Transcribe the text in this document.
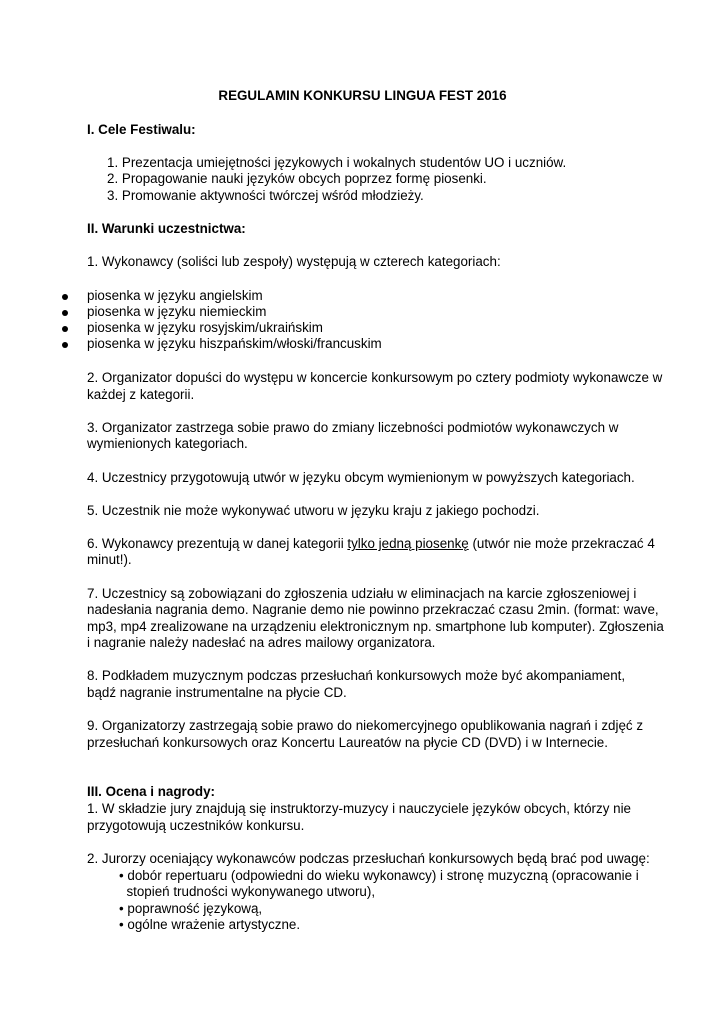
REGULAMIN KONKURSU LINGUA FEST 2016
I. Cele Festiwalu:
1. Prezentacja umiejętności językowych i wokalnych studentów UO i uczniów.
2. Propagowanie nauki języków obcych poprzez formę piosenki.
3. Promowanie aktywności twórczej wśród młodzieży.
II. Warunki uczestnictwa:
1. Wykonawcy (soliści lub zespoły) występują w czterech kategoriach:
piosenka w języku angielskim
piosenka w języku niemieckim
piosenka w języku rosyjskim/ukraińskim
piosenka w języku hiszpańskim/włoski/francuskim
2. Organizator dopuści do występu w koncercie konkursowym po cztery podmioty wykonawcze w
każdej z kategorii.
3. Organizator zastrzega sobie prawo do zmiany liczebności podmiotów wykonawczych w
wymienionych kategoriach.
4. Uczestnicy przygotowują utwór w języku obcym wymienionym w powyższych kategoriach.
5. Uczestnik nie może wykonywać utworu w języku kraju z jakiego pochodzi.
6. Wykonawcy prezentują w danej kategorii tylko jedną piosenkę (utwór nie może przekraczać 4
minut!).
7. Uczestnicy są zobowiązani do zgłoszenia udziału w eliminacjach na karcie zgłoszeniowej i
nadesłania nagrania demo. Nagranie demo nie powinno przekraczać czasu 2min. (format: wave,
mp3, mp4 zrealizowane na urządzeniu elektronicznym np. smartphone lub komputer). Zgłoszenia
i nagranie należy nadesłać na adres mailowy organizatora.
8. Podkładem muzycznym podczas przesłuchań konkursowych może być akompaniament,
bądź nagranie instrumentalne na płycie CD.
9. Organizatorzy zastrzegają sobie prawo do niekomercyjnego opublikowania nagrań i zdjęć z
przesłuchań konkursowych oraz Koncertu Laureatów na płycie CD (DVD) i w Internecie.
III. Ocena i nagrody:
1. W składzie jury znajdują się instruktorzy-muzycy i nauczyciele języków obcych, którzy nie
przygotowują uczestników konkursu.
2. Jurorzy oceniający wykonawców podczas przesłuchań konkursowych będą brać pod uwagę:
• dobór repertuaru (odpowiedni do wieku wykonawcy) i stronę muzyczną (opracowanie i
stopień trudności wykonywanego utworu),
• poprawność językową,
• ogólne wrażenie artystyczne.
